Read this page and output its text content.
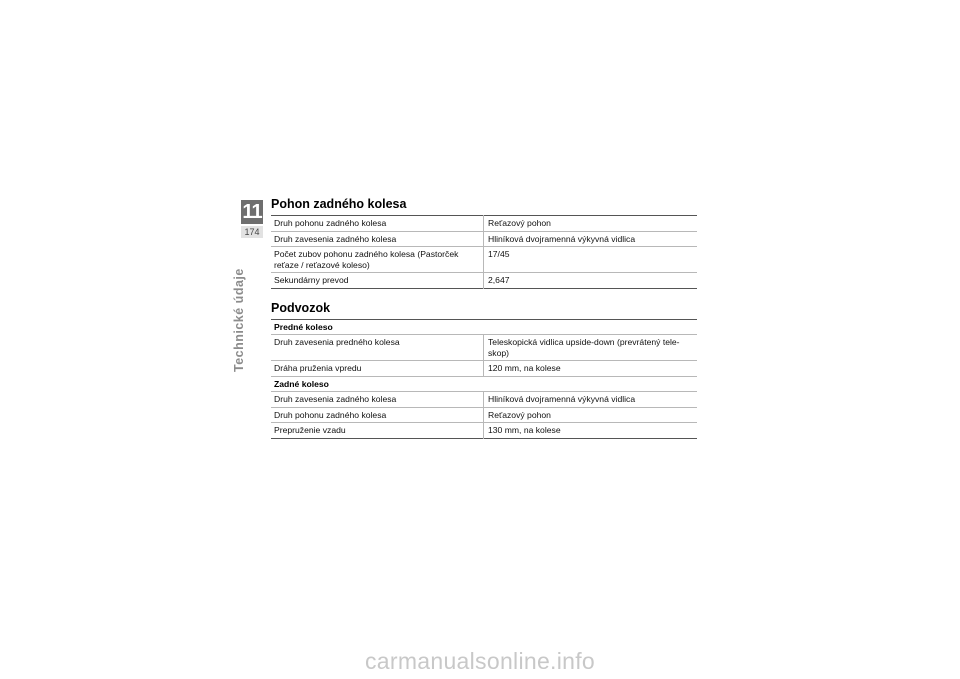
11
174
Technické údaje
Pohon zadného kolesa
Druh pohonu zadného kolesa	Reťazový pohon
Druh zavesenia zadného kolesa	Hliníková dvojramenná výkyvná vidlica
Počet zubov pohonu zadného kolesa (Pastorček reťaze / reťazové koleso)	17/45
Sekundárny prevod	2,647
Podvozok
Predné koleso	
Druh zavesenia predného kolesa	Teleskopická vidlica upside-down (prevrátený tele-skop)
Dráha pruženia vpredu	120 mm, na kolese
Zadné koleso	
Druh zavesenia zadného kolesa	Hliníková dvojramenná výkyvná vidlica
Druh pohonu zadného kolesa	Reťazový pohon
Prepruženie vzadu	130 mm, na kolese
carmanualsonline.info
